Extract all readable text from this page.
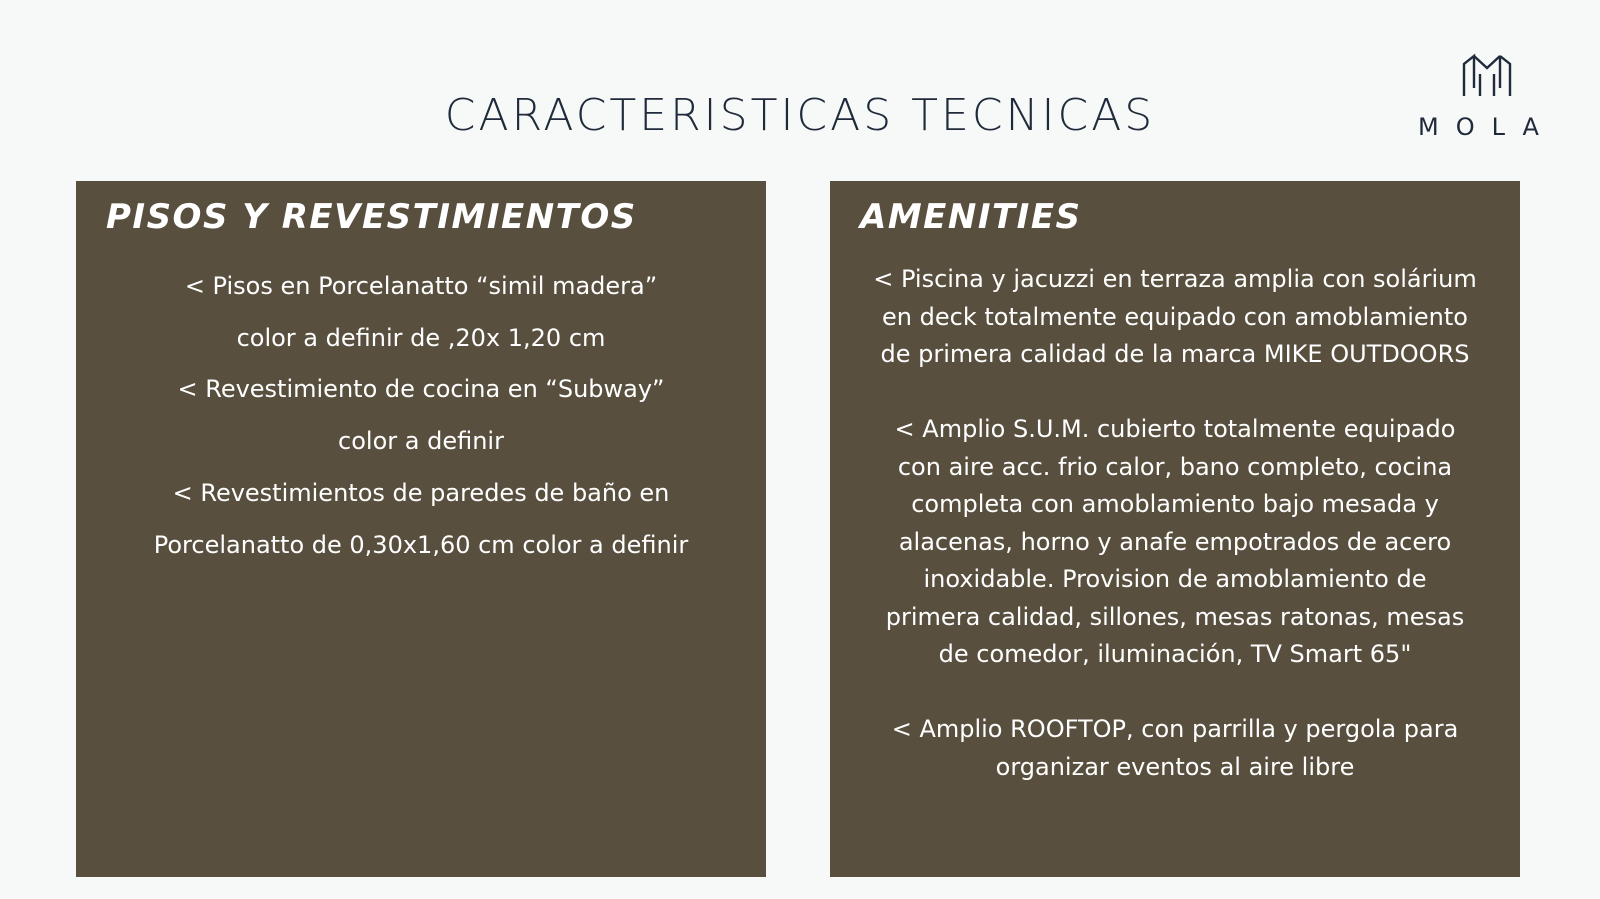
CARACTERISTICAS TECNICAS	MOLA
PISOS Y REVESTIMIENTOS
< Pisos en Porcelanatto “simil madera”
color a definir de ,20x 1,20 cm
< Revestimiento de cocina en “Subway”
color a definir
< Revestimientos de paredes de baño en
Porcelanatto de 0,30x1,60 cm color a definir
AMENITIES

< Piscina y jacuzzi en terraza amplia con solárium
en deck totalmente equipado con amoblamiento
de primera calidad de la marca MIKE OUTDOORS

< Amplio S.U.M. cubierto totalmente equipado
con aire acc. frio calor, bano completo, cocina
completa con amoblamiento bajo mesada y
alacenas, horno y anafe empotrados de acero
inoxidable. Provision de amoblamiento de
primera calidad, sillones, mesas ratonas, mesas
de comedor, iluminación, TV Smart 65"

< Amplio ROOFTOP, con parrilla y pergola para
organizar eventos al aire libre
